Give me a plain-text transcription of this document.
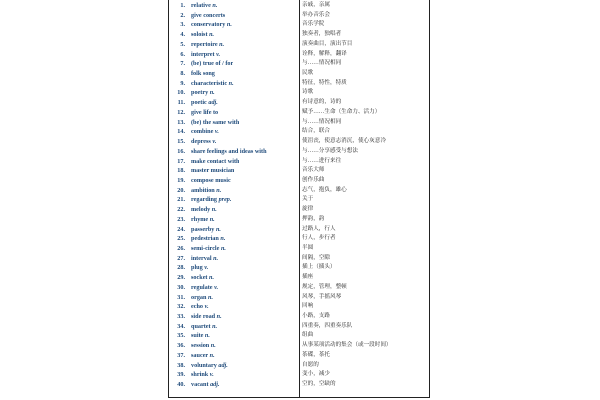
1. relative n.	亲戚，亲属
2. give concerts	举办音乐会
3. conservatory n.	音乐学院
4. soloist n.	独奏者，独唱者
5. repertoire n.	演奏曲目，演出节目
6. interpret v.	诠释，解释，翻译
7. (be) true of / for	与……情况相同
8. folk song	民歌
9. characteristic n.	特征，特性，特质
10. poetry n.	诗歌
11. poetic adj.	有诗意的，诗的
12. give life to	赋予……生命（生命力、活力）
13. (be) the same with	与……情况相同
14. combine v.	结合，联合
15. depress v.	使沮丧，使意志消沉，使心灰意冷
16. share feelings and ideas with	与……分享感受与想法
17. make contact with	与……进行来往
18. master musician	音乐大师
19. compose music	创作乐曲
20. ambition n.	志气，抱负，雄心
21. regarding prep.	关于
22. melody n.	旋律
23. rhyme n.	押韵，韵
24. passerby n.	过路人，行人
25. pedestrian n.	行人，步行者
26. semi-circle n.	半圆
27. interval n.	间隔，空隙
28. plug v.	插上（插头）
29. socket n.	插座
30. regulate v.	规定，管理，整顿
31. organ n.	风琴，手摇风琴
32. echo v.	回响
33. side road n.	小路，支路
34. quartet n.	四重奏，四重奏乐队
35. suite n.	组曲
36. session n.	从事某项活动的集会（或一段时间）
37. saucer n.	茶碟，茶托
38. voluntary adj.	自愿的
39. shrink v.	变小，减少
40. vacant adj.	空的，空缺的
